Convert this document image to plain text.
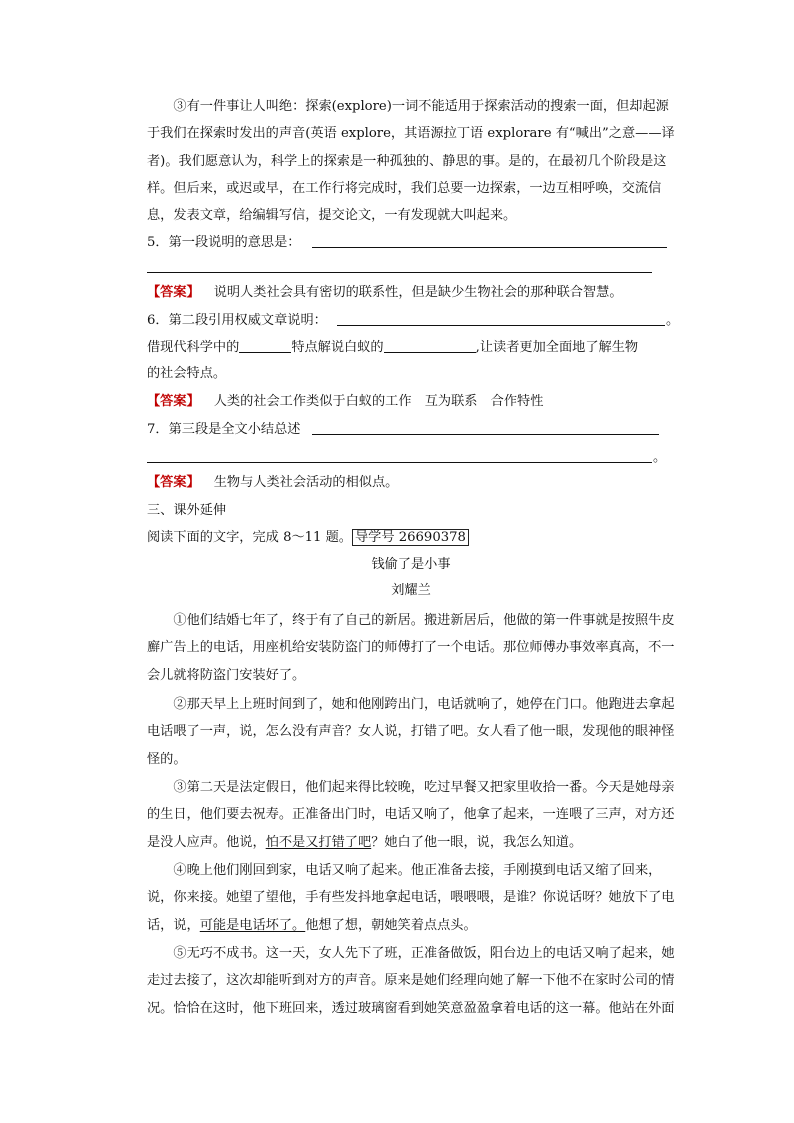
③有一件事让人叫绝：探索(explore)一词不能适用于探索活动的搜索一面，但却起源于我们在探索时发出的声音(英语 explore，其语源拉丁语 explorare 有“喊出”之意——译者)。我们愿意认为，科学上的探索是一种孤独的、静思的事。是的，在最初几个阶段是这样。但后来，或迟或早，在工作行将完成时，我们总要一边探索，一边互相呼唤，交流信息，发表文章，给编辑写信，提交论文，一有发现就大叫起来。
5．第一段说明的意思是：
【答案】 说明人类社会具有密切的联系性，但是缺少生物社会的那种联合智慧。
6．第二段引用权威文章说明：	。
借现代科学中的	特点解说白蚁的	,让读者更加全面地了解生物
的社会特点。
【答案】 人类的社会工作类似于白蚁的工作　互为联系　合作特性
7．第三段是全文小结总述
。
【答案】 生物与人类社会活动的相似点。
三、课外延伸
阅读下面的文字，完成 8～11 题。 导学号 26690378
钱偷了是小事
刘耀兰
①他们结婚七年了，终于有了自己的新居。搬进新居后，他做的第一件事就是按照牛皮廯广告上的电话，用座机给安装防盗门的师傅打了一个电话。那位师傅办事效率真高，不一会儿就将防盗门安装好了。
②那天早上上班时间到了，她和他刚跨出门，电话就响了，她停在门口。他跑进去拿起电话喂了一声，说，怎么没有声音？女人说，打错了吧。女人看了他一眼，发现他的眼神怪怪的。
③第二天是法定假日，他们起来得比较晚，吃过早餐又把家里收拾一番。今天是她母亲的生日，他们要去祝寿。正准备出门时，电话又响了，他拿了起来，一连喂了三声，对方还是没人应声。他说，怕不是又打错了吧？她白了他一眼，说，我怎么知道。
④晚上他们刚回到家，电话又响了起来。他正准备去接，手刚摸到电话又缩了回来，说，你来接。她望了望他，手有些发抖地拿起电话，喂喂喂，是谁？你说话呀？她放下了电话，说，可能是电话坏了。他想了想，朝她笑着点点头。
⑤无巧不成书。这一天，女人先下了班，正准备做饭，阳台边上的电话又响了起来，她走过去接了，这次却能听到对方的声音。原来是她们经理向她了解一下他不在家时公司的情况。恰恰在这时，他下班回来，透过玻璃窗看到她笑意盈盈拿着电话的这一幕。他站在外面
